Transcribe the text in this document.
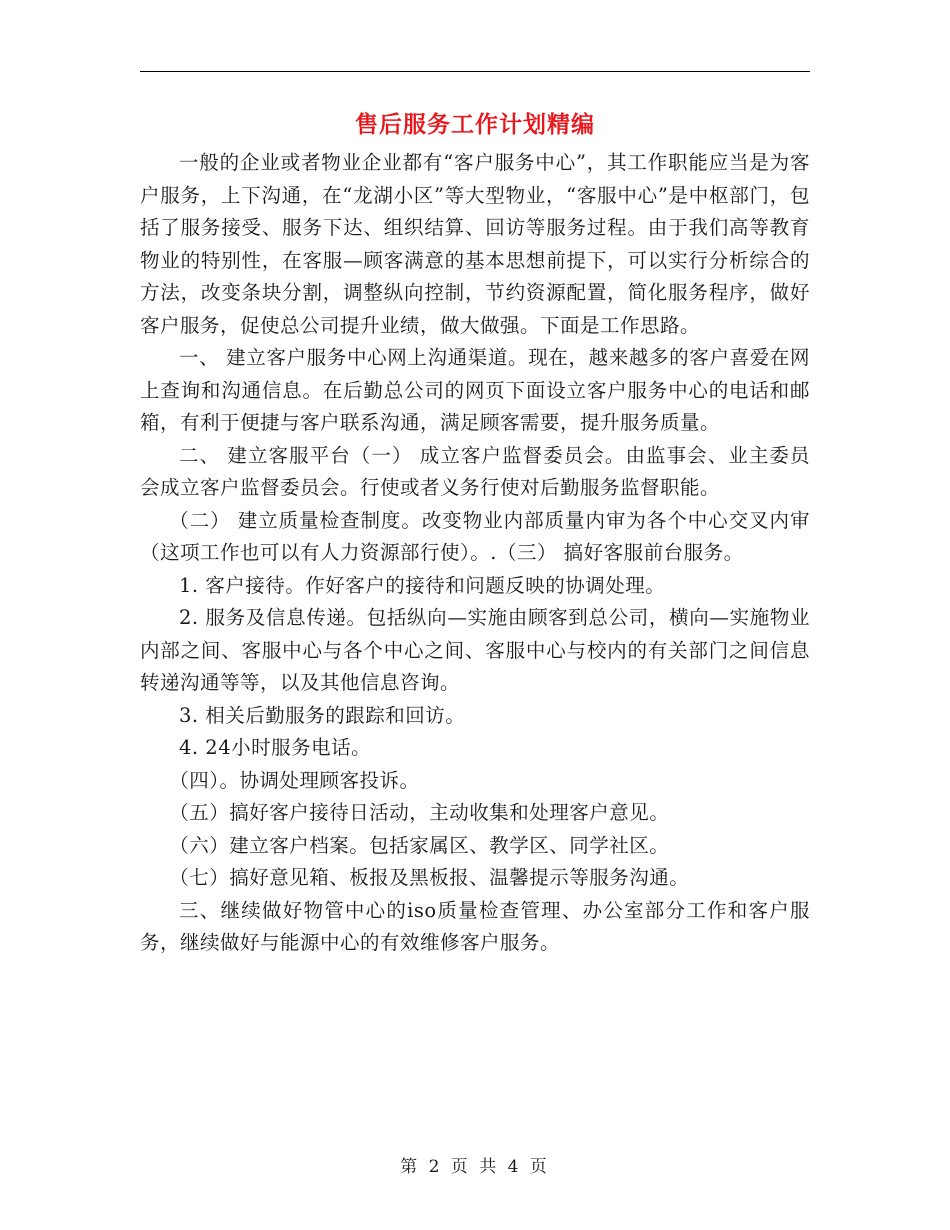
售后服务工作计划精编

一般的企业或者物业企业都有“客户服务中心”，其工作职能应当是为客户服务，上下沟通，在“龙湖小区”等大型物业，“客服中心”是中枢部门，包括了服务接受、服务下达、组织结算、回访等服务过程。由于我们高等教育物业的特别性，在客服—顾客满意的基本思想前提下，可以实行分析综合的方法，改变条块分割，调整纵向控制，节约资源配置，简化服务程序，做好客户服务，促使总公司提升业绩，做大做强。下面是工作思路。

一、 建立客户服务中心网上沟通渠道。现在，越来越多的客户喜爱在网上查询和沟通信息。在后勤总公司的网页下面设立客户服务中心的电话和邮箱，有利于便捷与客户联系沟通，满足顾客需要，提升服务质量。

二、 建立客服平台（一） 成立客户监督委员会。由监事会、业主委员会成立客户监督委员会。行使或者义务行使对后勤服务监督职能。

（二） 建立质量检查制度。改变物业内部质量内审为各个中心交叉内审（这项工作也可以有人力资源部行使）。.（三） 搞好客服前台服务。

1. 客户接待。作好客户的接待和问题反映的协调处理。

2. 服务及信息传递。包括纵向—实施由顾客到总公司，横向—实施物业内部之间、客服中心与各个中心之间、客服中心与校内的有关部门之间信息转递沟通等等，以及其他信息咨询。

3. 相关后勤服务的跟踪和回访。

4. 24小时服务电话。

（四）。协调处理顾客投诉。

（五）搞好客户接待日活动，主动收集和处理客户意见。

（六）建立客户档案。包括家属区、教学区、同学社区。

（七）搞好意见箱、板报及黑板报、温馨提示等服务沟通。

三、继续做好物管中心的iso质量检查管理、办公室部分工作和客户服务，继续做好与能源中心的有效维修客户服务。

第 2 页 共 4 页
